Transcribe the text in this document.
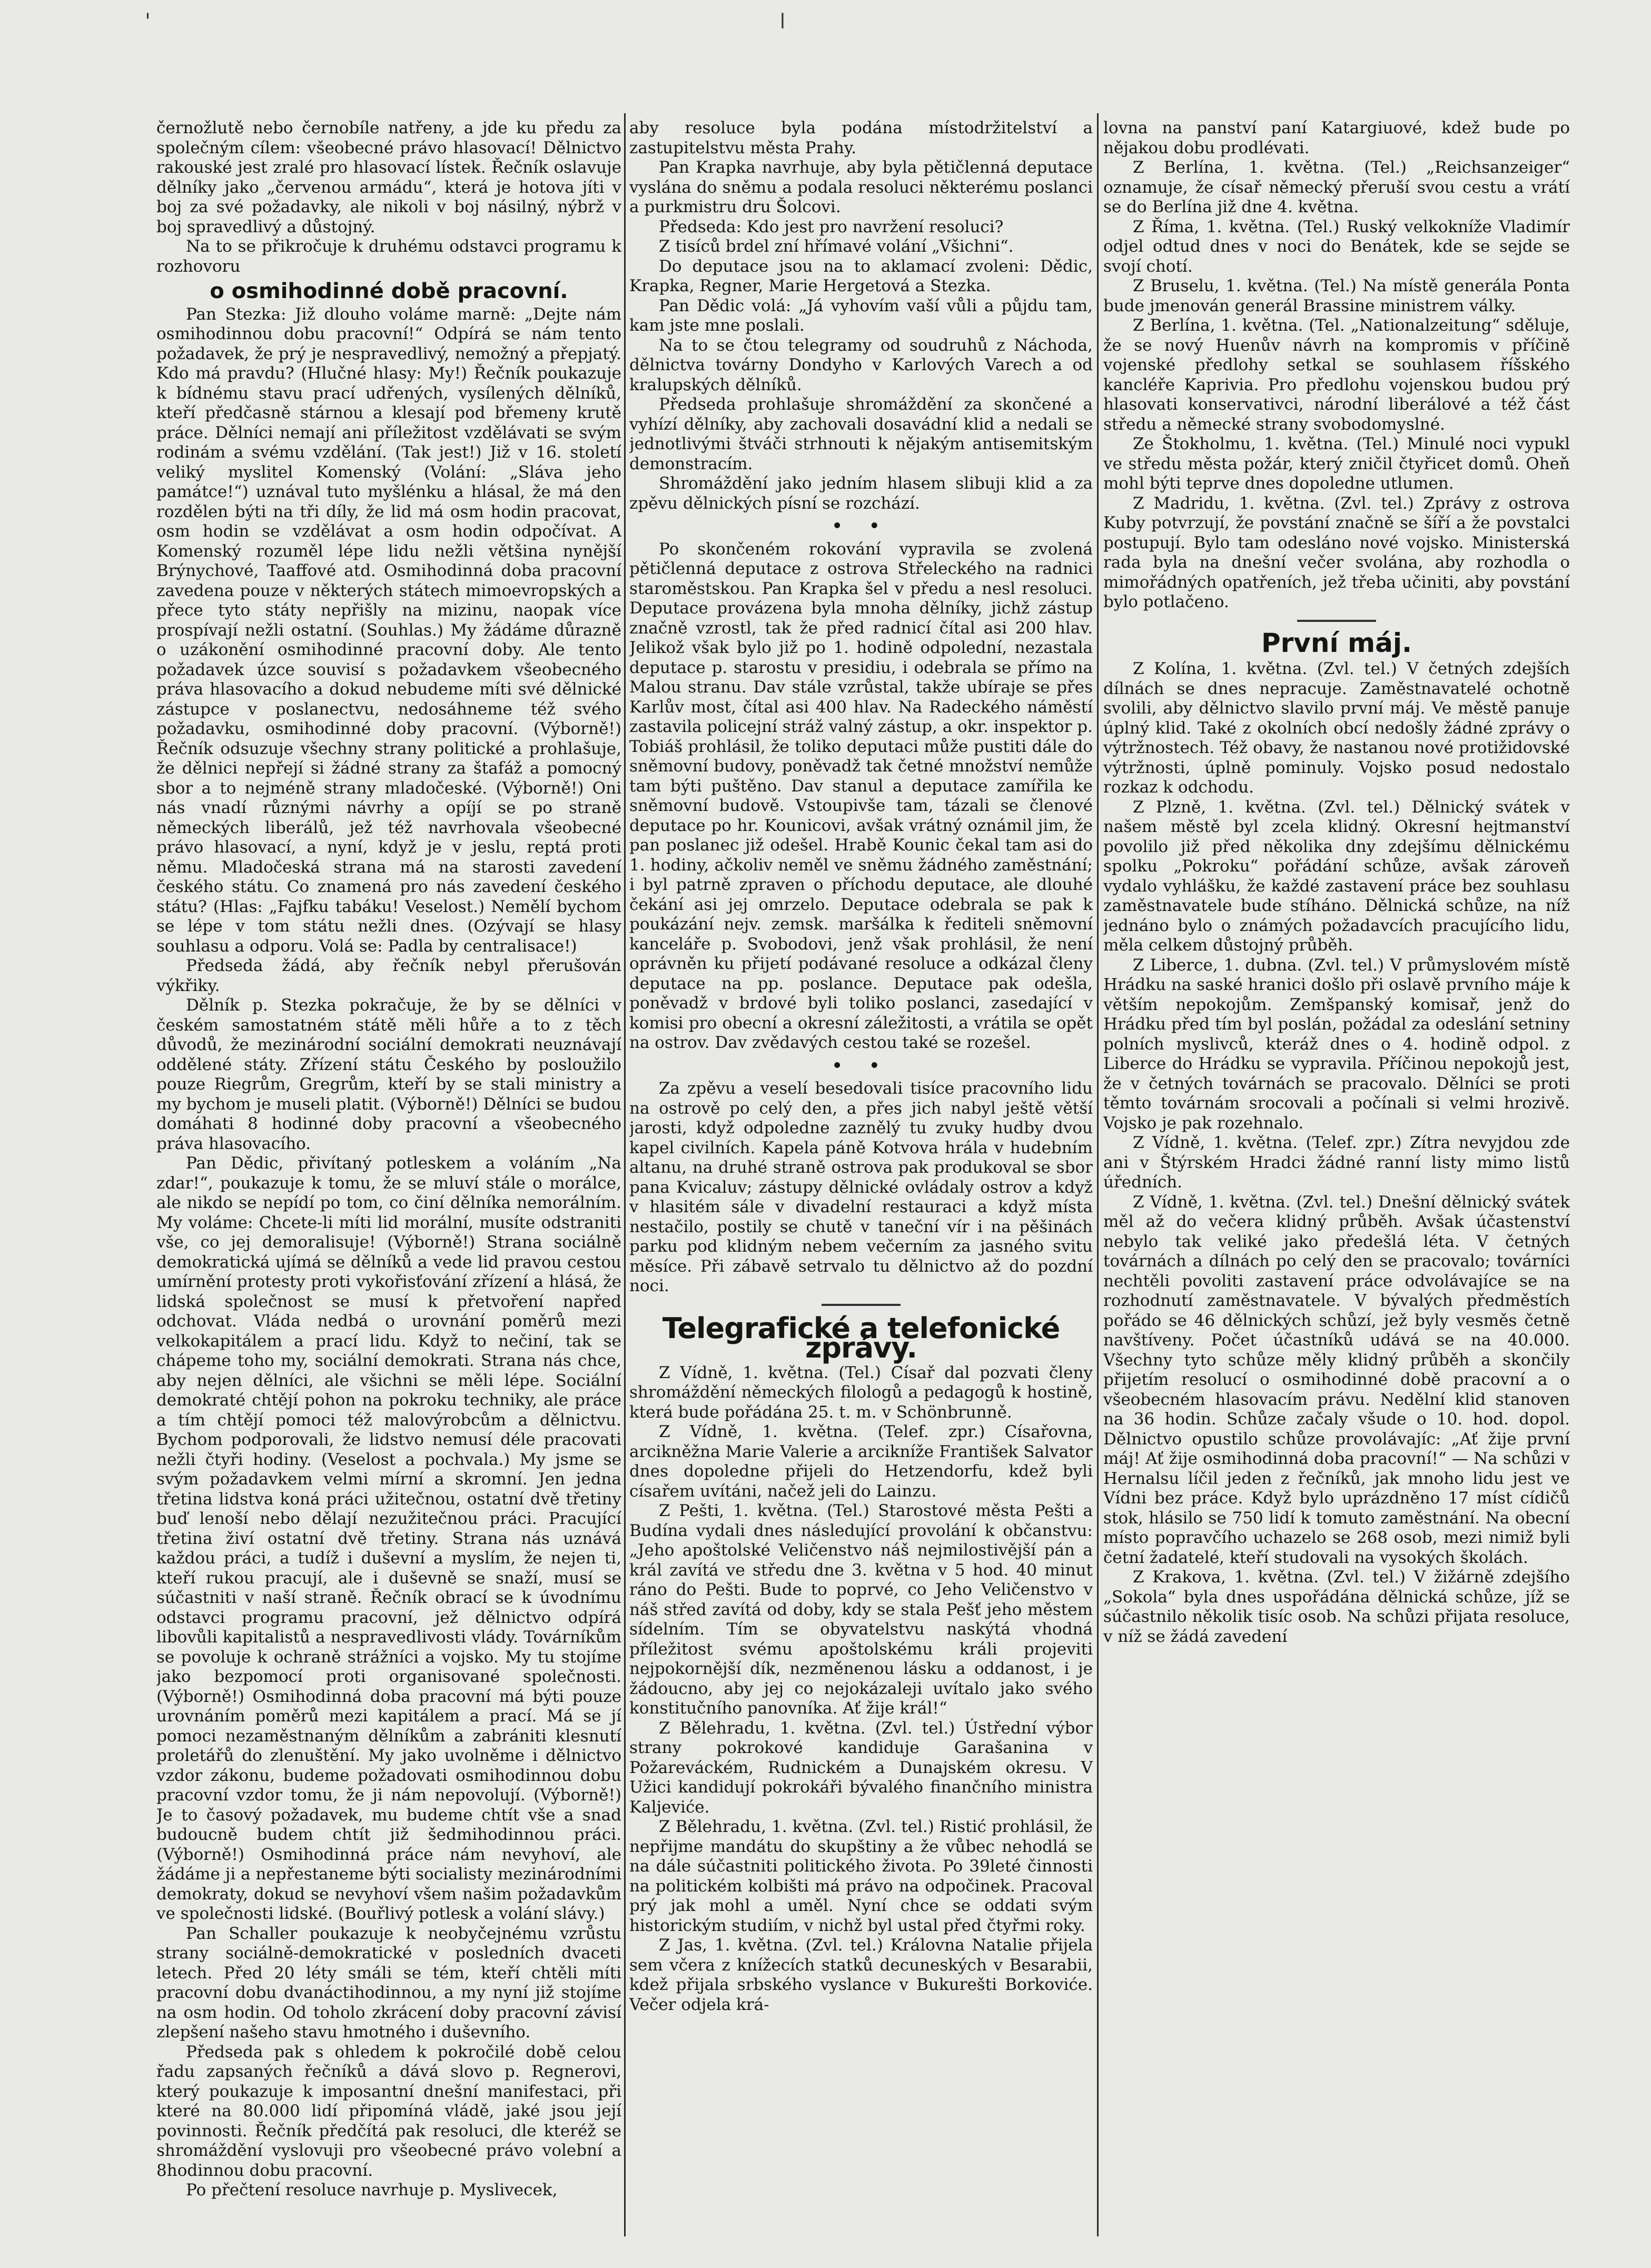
'	ǀ

černožlutě nebo černobíle natřeny, a jde ku předu za společným cílem: všeobecné právo hlasovací! Dělnictvo rakouské jest zralé pro hlasovací lístek. Řečník oslavuje dělníky jako „červenou armádu“, která je hotova jíti v boj za své požadavky, ale nikoli v boj násilný, nýbrž v boj spravedlivý a důstojný.

Na to se přikročuje k druhému odstavci programu k rozhovoru

o osmihodinné době pracovní.

Pan Stezka: Již dlouho voláme marně: „Dejte nám osmihodinnou dobu pracovní!“ Odpírá se nám tento požadavek, že prý je nespravedlivý, nemožný a přepjatý. Kdo má pravdu? (Hlučné hlasy: My!) Řečník poukazuje k bídnému stavu prací udřených, vysílených dělníků, kteří předčasně stárnou a klesají pod břemeny krutě práce. Dělníci nemají ani příležitost vzdělávati se svým rodinám a svému vzdělání. (Tak jest!) Již v 16. století veliký myslitel Komenský (Volání: „Sláva jeho památce!“) uznával tuto myšlénku a hlásal, že má den rozdělen býti na tři díly, že lid má osm hodin pracovat, osm hodin se vzdělávat a osm hodin odpočívat. A Komenský rozuměl lépe lidu nežli většina nynější Brýnychové, Taaffové atd. Osmihodinná doba pracovní zavedena pouze v některých státech mimoevropských a přece tyto státy nepřišly na mizinu, naopak více prospívají nežli ostatní. (Souhlas.) My žádáme důrazně o uzákonění osmihodinné pracovní doby. Ale tento požadavek úzce souvisí s požadavkem všeobecného práva hlasovacího a dokud nebudeme míti své dělnické zástupce v poslanectvu, nedosáhneme též svého požadavku, osmihodinné doby pracovní. (Výborně!) Řečník odsuzuje všechny strany politické a prohlašuje, že dělnici nepřejí si žádné strany za štafáž a pomocný sbor a to nejméně strany mladočeské. (Výborně!) Oni nás vnadí různými návrhy a opíjí se po straně německých liberálů, jež též navrhovala všeobecné právo hlasovací, a nyní, když je v jeslu, reptá proti němu. Mladočeská strana má na starosti zavedení českého státu. Co znamená pro nás zavedení českého státu? (Hlas: „Fajfku tabáku! Veselost.) Nemělí bychom se lépe v tom státu nežli dnes. (Ozývají se hlasy souhlasu a odporu. Volá se: Padla by centralisace!)

Předseda žádá, aby řečník nebyl přerušován výkřiky.

Dělník p. Stezka pokračuje, že by se dělníci v českém samostatném státě měli hůře a to z těch důvodů, že mezinárodní sociální demokrati neuznávají oddělené státy. Zřízení státu Českého by posloužilo pouze Riegrům, Gregrům, kteří by se stali ministry a my bychom je museli platit. (Výborně!) Dělníci se budou domáhati 8 hodinné doby pracovní a všeobecného práva hlasovacího.

Pan Dědic, přivítaný potleskem a voláním „Na zdar!“, poukazuje k tomu, že se mluví stále o morálce, ale nikdo se nepídí po tom, co činí dělníka nemorálním. My voláme: Chcete-li míti lid morální, musíte odstraniti vše, co jej demoralisuje! (Výborně!) Strana sociálně demokratická ujímá se dělníků a vede lid pravou cestou umírnění protesty proti vykořisťování zřízení a hlásá, že lidská společnost se musí k přetvoření napřed odchovat. Vláda nedbá o urovnání poměrů mezi velkokapitálem a prací lidu. Když to nečiní, tak se chápeme toho my, sociální demokrati. Strana nás chce, aby nejen dělníci, ale všichni se měli lépe. Sociální demokraté chtějí pohon na pokroku techniky, ale práce a tím chtějí pomoci též malovýrobcům a dělnictvu. Bychom podporovali, že lidstvo nemusí déle pracovati nežli čtyři hodiny. (Veselost a pochvala.) My jsme se svým požadavkem velmi mírní a skromní. Jen jedna třetina lidstva koná práci užitečnou, ostatní dvě třetiny buď lenoší nebo dělají nezužitečnou práci. Pracující třetina živí ostatní dvě třetiny. Strana nás uznává každou práci, a tudíž i duševní a myslím, že nejen ti, kteří rukou pracují, ale i duševně se snaží, musí se súčastniti v naší straně. Řečník obrací se k úvodnímu odstavci programu pracovní, jež dělnictvo odpírá libovůli kapitalistů a nespravedlivosti vlády. Továrníkům se povoluje k ochraně strážníci a vojsko. My tu stojíme jako bezpomocí proti organisované společnosti. (Výborně!) Osmihodinná doba pracovní má býti pouze urovnáním poměrů mezi kapitálem a prací. Má se jí pomoci nezaměstnaným dělníkům a zabrániti klesnutí proletářů do zlenuštění. My jako uvolněme i dělnictvo vzdor zákonu, budeme požadovati osmihodinnou dobu pracovní vzdor tomu, že ji nám nepovolují. (Výborně!) Je to časový požadavek, mu budeme chtít vše a snad budoucně budem chtít již šedmihodinnou práci. (Výborně!) Osmihodinná práce nám nevyhoví, ale žádáme ji a nepřestaneme býti socialisty mezinárodními demokraty, dokud se nevyhoví všem našim požadavkům ve společnosti lidské. (Bouřlivý potlesk a volání slávy.)

Pan Schaller poukazuje k neobyčejnému vzrůstu strany sociálně-demokratické v posledních dvaceti letech. Před 20 léty smáli se tém, kteří chtěli míti pracovní dobu dvanáctihodinnou, a my nyní již stojíme na osm hodin. Od toholo zkrácení doby pracovní závisí zlepšení našeho stavu hmotného i duševního.

Předseda pak s ohledem k pokročilé době celou řadu zapsaných řečníků a dává slovo p. Regnerovi, který poukazuje k imposantní dnešní manifestaci, při které na 80.000 lidí připomíná vládě, jaké jsou její povinnosti. Řečník předčítá pak resoluci, dle kteréž se shromáždění vyslovuji pro všeobecné právo volební a 8hodinnou dobu pracovní.

Po přečtení resoluce navrhuje p. Myslivecek,

aby resoluce byla podána místodržitelství a zastupitelstvu města Prahy.

Pan Krapka navrhuje, aby byla pětičlenná deputace vyslána do sněmu a podala resoluci některému poslanci a purkmistru dru Šolcovi.

Předseda: Kdo jest pro navržení resoluci?

Z tisíců brdel zní hřímavé volání „Všichni“.

Do deputace jsou na to aklamací zvoleni: Dědic, Krapka, Regner, Marie Hergetová a Stezka.

Pan Dědic volá: „Já vyhovím vaší vůli a půjdu tam, kam jste mne poslali.

Na to se čtou telegramy od soudruhů z Náchoda, dělnictva továrny Dondyho v Karlových Varech a od kralupských dělníků.

Předseda prohlašuje shromáždění za skončené a vyhízí dělníky, aby zachovali dosavádní klid a nedali se jednotlivými štváči strhnouti k nějakým antisemitským demonstracím.

Shromáždění jako jedním hlasem slibuji klid a za zpěvu dělnických písní se rozchází.

• •

Po skončeném rokování vypravila se zvolená pětičlenná deputace z ostrova Střeleckého na radnici staroměstskou. Pan Krapka šel v předu a nesl resoluci. Deputace provázena byla mnoha dělníky, jichž zástup značně vzrostl, tak že před radnicí čítal asi 200 hlav. Jelikož však bylo již po 1. hodině odpolední, nezastala deputace p. starostu v presidiu, i odebrala se přímo na Malou stranu. Dav stále vzrůstal, takže ubíraje se přes Karlův most, čítal asi 400 hlav. Na Radeckého náměstí zastavila policejní stráž valný zástup, a okr. inspektor p. Tobiáš prohlásil, že toliko deputaci může pustiti dále do sněmovní budovy, poněvadž tak četné množství nemůže tam býti puštěno. Dav stanul a deputace zamířila ke sněmovní budově. Vstoupivše tam, tázali se členové deputace po hr. Kounicovi, avšak vrátný oznámil jim, že pan poslanec již odešel. Hrabě Kounic čekal tam asi do 1. hodiny, ačkoliv neměl ve sněmu žádného zaměstnání; i byl patrně zpraven o příchodu deputace, ale dlouhé čekání asi jej omrzelo. Deputace odebrala se pak k poukázání nejv. zemsk. maršálka k řediteli sněmovní kanceláře p. Svobodovi, jenž však prohlásil, že není oprávněn ku přijetí podávané resoluce a odkázal členy deputace na pp. poslance. Deputace pak odešla, poněvadž v brdové byli toliko poslanci, zasedající v komisi pro obecní a okresní záležitosti, a vrátila se opět na ostrov. Dav zvědavých cestou také se rozešel.

• •

Za zpěvu a veselí besedovali tisíce pracovního lidu na ostrově po celý den, a přes jich nabyl ještě větší jarosti, když odpoledne zaznělý tu zvuky hudby dvou kapel civilních. Kapela páně Kotvova hrála v hudebním altanu, na druhé straně ostrova pak produkoval se sbor pana Kvicaluv; zástupy dělnické ovládaly ostrov a když v hlasitém sále v divadelní restauraci a když místa nestačilo, postily se chutě v taneční vír i na pěšinách parku pod klidným nebem večerním za jasného svitu měsíce. Při zábavě setrvalo tu dělnictvo až do pozdní noci.

Telegrafické a telefonické zprávy.

Z Vídně, 1. května. (Tel.) Císař dal pozvati členy shromáždění německých filologů a pedagogů k hostině, která bude pořádána 25. t. m. v Schönbrunně.

Z Vídně, 1. května. (Telef. zpr.) Císařovna, arcikněžna Marie Valerie a arcikníže František Salvator dnes dopoledne přijeli do Hetzendorfu, kdež byli císařem uvítáni, načež jeli do Lainzu.

Z Pešti, 1. května. (Tel.) Starostové města Pešti a Budína vydali dnes následující provolání k občanstvu: „Jeho apoštolské Veličenstvo náš nejmilostivější pán a král zavítá ve středu dne 3. května v 5 hod. 40 minut ráno do Pešti. Bude to poprvé, co Jeho Veličenstvo v náš střed zavítá od doby, kdy se stala Pešť jeho městem sídelním. Tím se obyvatelstvu naskýtá vhodná příležitost svému apoštolskému králi projeviti nejpokornější dík, nezměnenou lásku a oddanost, i je žádoucno, aby jej co nejokázaleji uvítalo jako svého konstitučního panovníka. Ať žije král!“

Z Bělehradu, 1. května. (Zvl. tel.) Ústřední výbor strany pokrokové kandiduje Garašanina v Požareváckém, Rudnickém a Dunajském okresu. V Užici kandidují pokrokáři bývalého finančního ministra Kaljeviće.

Z Bělehradu, 1. května. (Zvl. tel.) Ristić prohlásil, že nepřijme mandátu do skupštiny a že vůbec nehodlá se na dále súčastniti politického života. Po 39leté činnosti na politickém kolbišti má právo na odpočinek. Pracoval prý jak mohl a uměl. Nyní chce se oddati svým historickým studiím, v nichž byl ustal před čtyřmi roky.

Z Jas, 1. května. (Zvl. tel.) Královna Natalie přijela sem včera z knížecích statků decuneských v Besarabii, kdež přijala srbského vyslance v Bukurešti Borkoviće. Večer odjela krá-

lovna na panství paní Katargiuové, kdež bude po nějakou dobu prodlévati.

Z Berlína, 1. května. (Tel.) „Reichsanzeiger“ oznamuje, že císař německý přeruší svou cestu a vrátí se do Berlína již dne 4. května.

Z Říma, 1. května. (Tel.) Ruský velkokníže Vladimír odjel odtud dnes v noci do Benátek, kde se sejde se svojí chotí.

Z Bruselu, 1. května. (Tel.) Na místě generála Ponta bude jmenován generál Brassine ministrem války.

Z Berlína, 1. května. (Tel. „Nationalzeitung“ sděluje, že se nový Huenův návrh na kompromis v příčině vojenské předlohy setkal se souhlasem říšského kancléře Kaprivia. Pro předlohu vojenskou budou prý hlasovati konservativci, národní liberálové a též část středu a německé strany svobodomyslné.

Ze Štokholmu, 1. května. (Tel.) Minulé noci vypukl ve středu města požár, který zničil čtyřicet domů. Oheň mohl býti teprve dnes dopoledne utlumen.

Z Madridu, 1. května. (Zvl. tel.) Zprávy z ostrova Kuby potvrzují, že povstání značně se šíří a že povstalci postupují. Bylo tam odesláno nové vojsko. Ministerská rada byla na dnešní večer svolána, aby rozhodla o mimořádných opatřeních, jež třeba učiniti, aby povstání bylo potlačeno.

První máj.

Z Kolína, 1. května. (Zvl. tel.) V četných zdejších dílnách se dnes nepracuje. Zaměstnavatelé ochotně svolili, aby dělnictvo slavilo první máj. Ve městě panuje úplný klid. Také z okolních obcí nedošly žádné zprávy o výtržnostech. Též obavy, že nastanou nové protižidovské výtržnosti, úplně pominuly. Vojsko posud nedostalo rozkaz k odchodu.

Z Plzně, 1. května. (Zvl. tel.) Dělnický svátek v našem městě byl zcela klidný. Okresní hejtmanství povolilo již před několika dny zdejšímu dělnickému spolku „Pokroku“ pořádání schůze, avšak zároveň vydalo vyhlášku, že každé zastavení práce bez souhlasu zaměstnavatele bude stíháno. Dělnická schůze, na níž jednáno bylo o známých požadavcích pracujícího lidu, měla celkem důstojný průběh.

Z Liberce, 1. dubna. (Zvl. tel.) V průmyslovém místě Hrádku na saské hranici došlo při oslavě prvního máje k větším nepokojům. Zemšpanský komisař, jenž do Hrádku před tím byl poslán, požádal za odeslání setniny polních myslivců, kteráž dnes o 4. hodině odpol. z Liberce do Hrádku se vypravila. Příčinou nepokojů jest, že v četných továrnách se pracovalo. Dělníci se proti těmto továrnám srocovali a počínali si velmi hrozivě. Vojsko je pak rozehnalo.

Z Vídně, 1. května. (Telef. zpr.) Zítra nevyjdou zde ani v Štýrském Hradci žádné ranní listy mimo listů úředních.

Z Vídně, 1. května. (Zvl. tel.) Dnešní dělnický svátek měl až do večera klidný průběh. Avšak účastenství nebylo tak veliké jako předešlá léta. V četných továrnách a dílnách po celý den se pracovalo; továrníci nechtěli povoliti zastavení práce odvolávajíce se na rozhodnutí zaměstnavatele. V bývalých předměstích pořádo se 46 dělnických schůzí, jež byly vesměs četně navštíveny. Počet účastníků udává se na 40.000. Všechny tyto schůze měly klidný průběh a skončily přijetím resolucí o osmihodinné době pracovní a o všeobecném hlasovacím právu. Nedělní klid stanoven na 36 hodin. Schůze začaly všude o 10. hod. dopol. Dělnictvo opustilo schůze provolávajíc: „Ať žije první máj! Ať žije osmihodinná doba pracovní!“ — Na schůzi v Hernalsu líčil jeden z řečníků, jak mnoho lidu jest ve Vídni bez práce. Když bylo uprázdněno 17 míst cídičů stok, hlásilo se 750 lidí k tomuto zaměstnání. Na obecní místo popravčího uchazelo se 268 osob, mezi nimiž byli četní žadatelé, kteří studovali na vysokých školách.

Z Krakova, 1. května. (Zvl. tel.) V žižárně zdejšího „Sokola“ byla dnes uspořádána dělnická schůze, jíž se súčastnilo několik tisíc osob. Na schůzi přijata resoluce, v níž se žádá zavedení
